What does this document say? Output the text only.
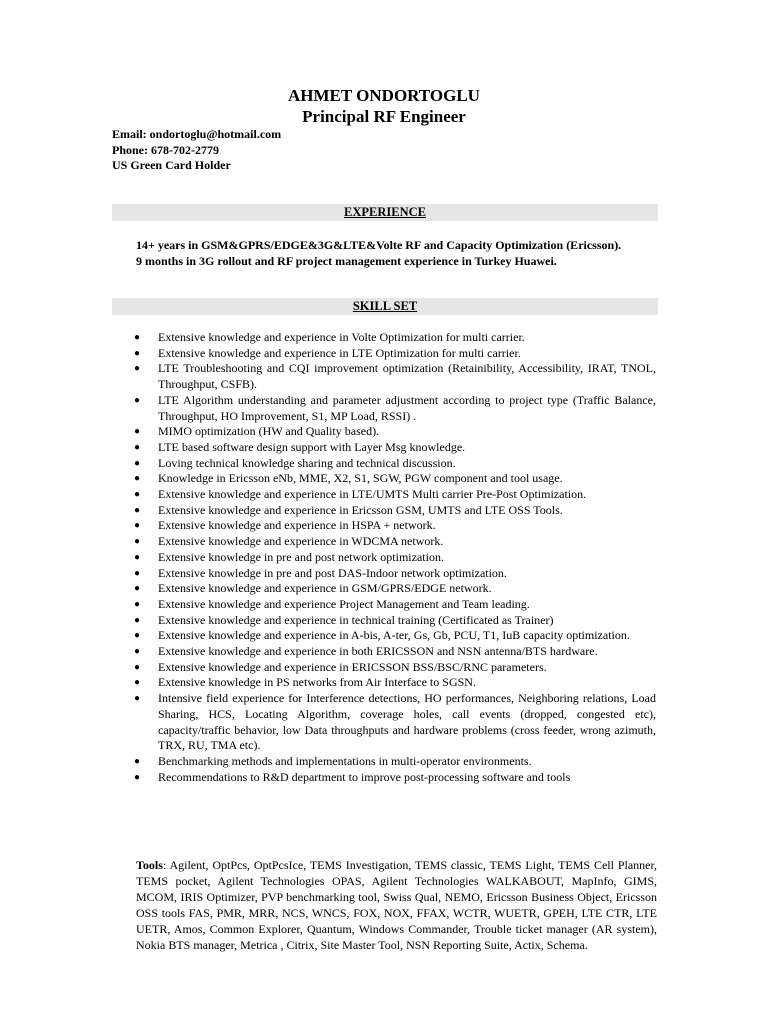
AHMET ONDORTOGLU
Principal RF Engineer
Email: ondortoglu@hotmail.com
Phone: 678-702-2779
US Green Card Holder
EXPERIENCE
14+ years in GSM&GPRS/EDGE&3G&LTE&Volte RF and Capacity Optimization (Ericsson).
9 months in 3G rollout and RF project management experience in Turkey Huawei.
SKILL SET
● Extensive knowledge and experience in Volte Optimization for multi carrier.
● Extensive knowledge and experience in LTE Optimization for multi carrier.
● LTE Troubleshooting and CQI improvement optimization (Retainibility, Accessibility, IRAT, TNOL, Throughput, CSFB).
● LTE Algorithm understanding and parameter adjustment according to project type (Traffic Balance, Throughput, HO Improvement, S1, MP Load, RSSI) .
● MIMO optimization (HW and Quality based).
● LTE based software design support with Layer Msg knowledge.
● Loving technical knowledge sharing and technical discussion.
● Knowledge in Ericsson eNb, MME, X2, S1, SGW, PGW component and tool usage.
● Extensive knowledge and experience in LTE/UMTS Multi carrier Pre-Post Optimization.
● Extensive knowledge and experience in Ericsson GSM, UMTS and LTE OSS Tools.
● Extensive knowledge and experience in HSPA + network.
● Extensive knowledge and experience in WDCMA network.
● Extensive knowledge in pre and post network optimization.
● Extensive knowledge in pre and post DAS-Indoor network optimization.
● Extensive knowledge and experience in GSM/GPRS/EDGE network.
● Extensive knowledge and experience Project Management and Team leading.
● Extensive knowledge and experience in technical training (Certificated as Trainer)
● Extensive knowledge and experience in A-bis, A-ter, Gs, Gb, PCU, T1, IuB capacity optimization.
● Extensive knowledge and experience in both ERICSSON and NSN antenna/BTS hardware.
● Extensive knowledge and experience in ERICSSON BSS/BSC/RNC parameters.
● Extensive knowledge in PS networks from Air Interface to SGSN.
● Intensive field experience for Interference detections, HO performances, Neighboring relations, Load Sharing, HCS, Locating Algorithm, coverage holes, call events (dropped, congested etc), capacity/traffic behavior, low Data throughputs and hardware problems (cross feeder, wrong azimuth, TRX, RU, TMA etc).
● Benchmarking methods and implementations in multi-operator environments.
● Recommendations to R&D department to improve post-processing software and tools
Tools: Agilent, OptPcs, OptPcsIce, TEMS Investigation, TEMS classic, TEMS Light, TEMS Cell Planner, TEMS pocket, Agilent Technologies OPAS, Agilent Technologies WALKABOUT, MapInfo, GIMS, MCOM, IRIS Optimizer, PVP benchmarking tool, Swiss Qual, NEMO, Ericsson Business Object, Ericsson OSS tools FAS, PMR, MRR, NCS, WNCS, FOX, NOX, FFAX, WCTR, WUETR, GPEH, LTE CTR, LTE UETR, Amos, Common Explorer, Quantum, Windows Commander, Trouble ticket manager (AR system), Nokia BTS manager, Metrica , Citrix, Site Master Tool, NSN Reporting Suite, Actix, Schema.
